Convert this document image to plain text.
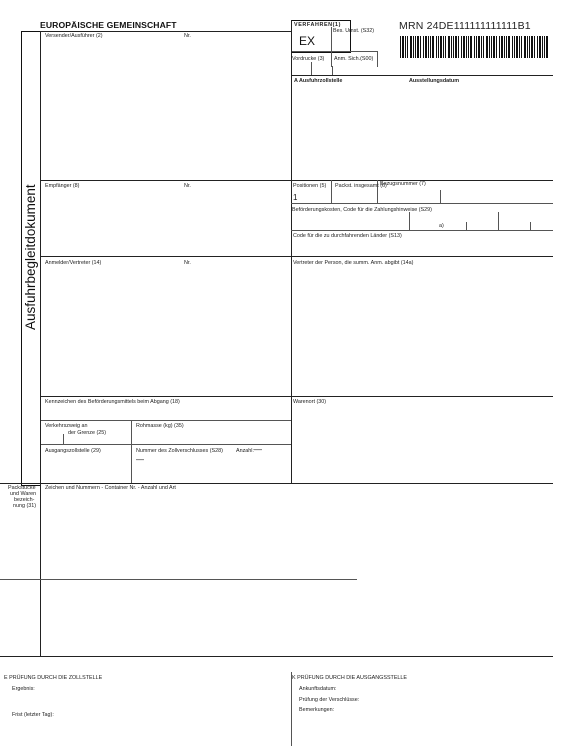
EUROPÄISCHE GEMEINSCHAFT	VERFAHREN(1)
EX
Bes. Umst. (S32)
Vordrucke (3) Anm. Sich.(S00)
MRN 24DE111111111111B1
Ausfuhrbegleitdokument
Versender/Ausführer (2)	Nr.
A Ausfuhrzollstelle	Ausstellungsdatum
Empfänger (8)	Nr.	Positionen (5)
1
Packst. insgesamt (6)
Bezugsnummer (7)
Beförderungskosten, Code für die Zahlungshinweise (S29)
a)
Code für die zu durchfahrenden Länder (S13)
Anmelder/Vertreter (14)	Nr.	Vertreter der Person, die summ. Anm. abgibt (14a)
Kennzeichen des Beförderungsmittels beim Abgang (18)	Warenort (30)
Verkehrszweig an
der Grenze (25)
Rohmasse (kg) (35)
Ausgangszollstelle (29)	Nummer des Zollverschlusses (S28) Anzahl: —
—
Packstücke
und Waren
bezeich-
nung (31)
Zeichen und Nummern - Container Nr. - Anzahl und Art
E PRÜFUNG DURCH DIE ZOLLSTELLE
Ergebnis:
Frist (letzter Tag):
K PRÜFUNG DURCH DIE AUSGANGSSTELLE
Ankunftsdatum:
Prüfung der Verschlüsse:
Bemerkungen:
